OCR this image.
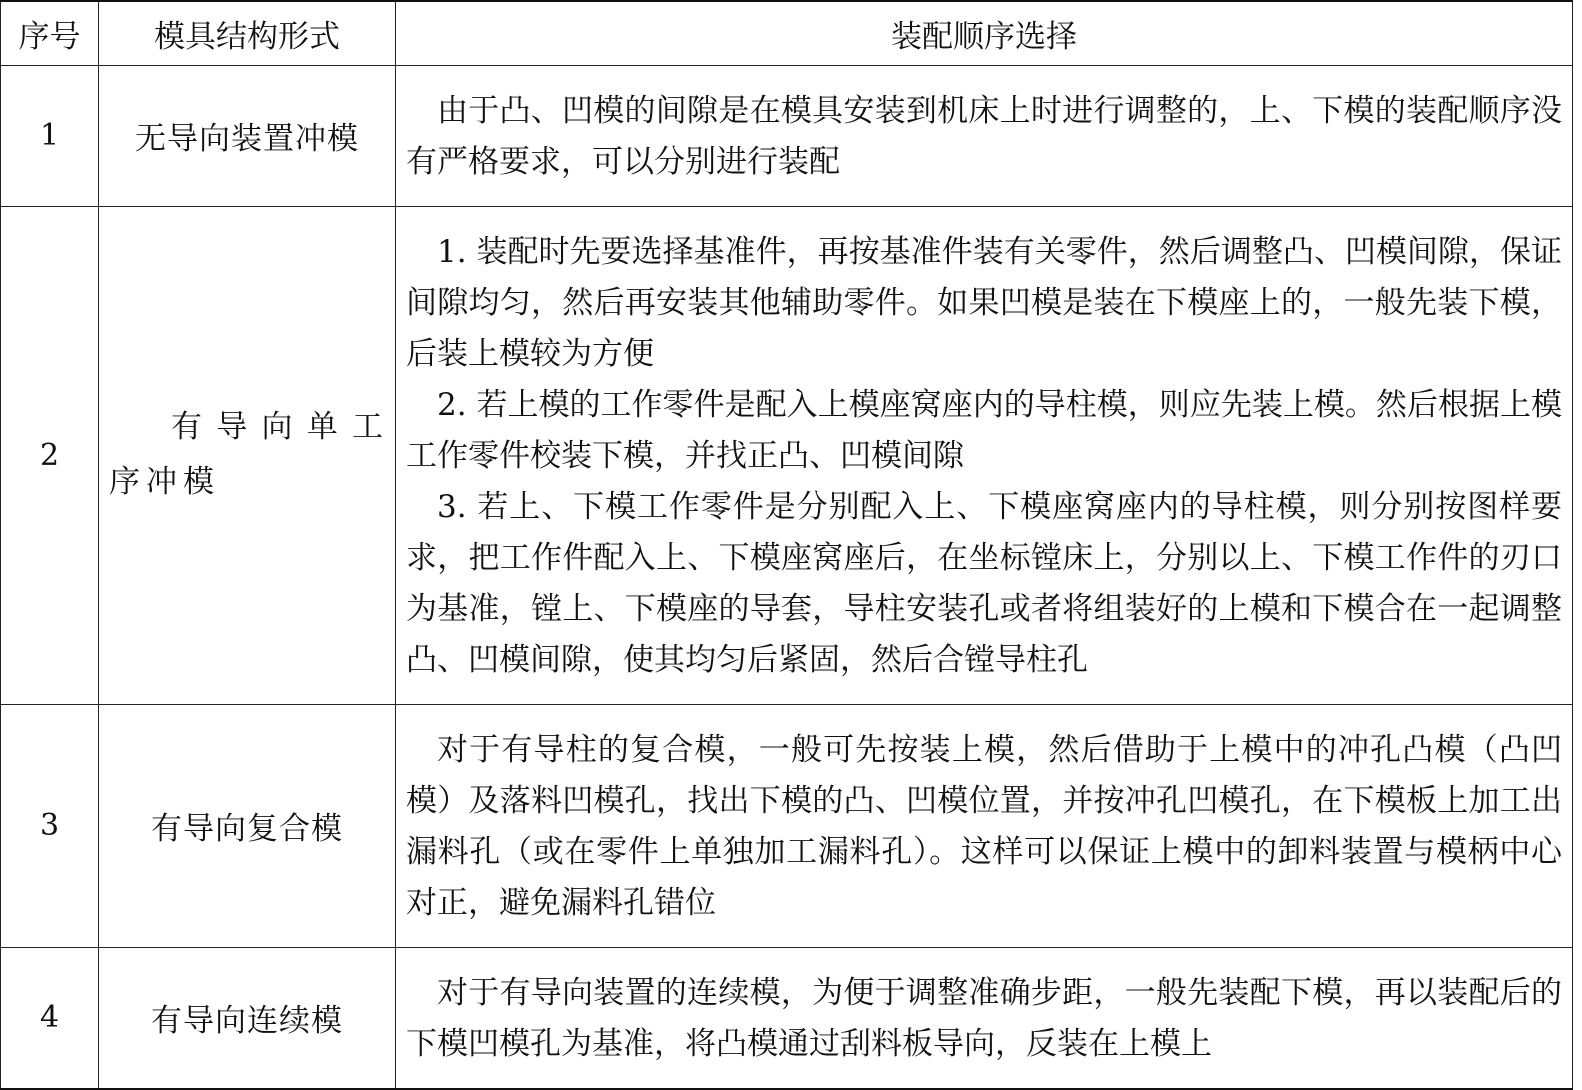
序号	模具结构形式	装配顺序选择
1	无导向装置冲模	由于凸、凹模的间隙是在模具安装到机床上时进行调整的，上、下模的装配顺序没有严格要求，可以分别进行装配

2	有导向单工序冲模	1. 装配时先要选择基准件，再按基准件装有关零件，然后调整凸、凹模间隙，保证间隙均匀，然后再安装其他辅助零件。如果凹模是装在下模座上的，一般先装下模，后装上模较为方便

2. 若上模的工作零件是配入上模座窝座内的导柱模，则应先装上模。然后根据上模工作零件校装下模，并找正凸、凹模间隙

3. 若上、下模工作零件是分别配入上、下模座窝座内的导柱模，则分别按图样要求，把工作件配入上、下模座窝座后，在坐标镗床上，分别以上、下模工作件的刃口为基准，镗上、下模座的导套，导柱安装孔或者将组装好的上模和下模合在一起调整凸、凹模间隙，使其均匀后紧固，然后合镗导柱孔

3	有导向复合模	对于有导柱的复合模，一般可先按装上模，然后借助于上模中的冲孔凸模（凸凹模）及落料凹模孔，找出下模的凸、凹模位置，并按冲孔凹模孔，在下模板上加工出漏料孔（或在零件上单独加工漏料孔）。这样可以保证上模中的卸料装置与模柄中心对正，避免漏料孔错位

4	有导向连续模	对于有导向装置的连续模，为便于调整准确步距，一般先装配下模，再以装配后的下模凹模孔为基准，将凸模通过刮料板导向，反装在上模上
